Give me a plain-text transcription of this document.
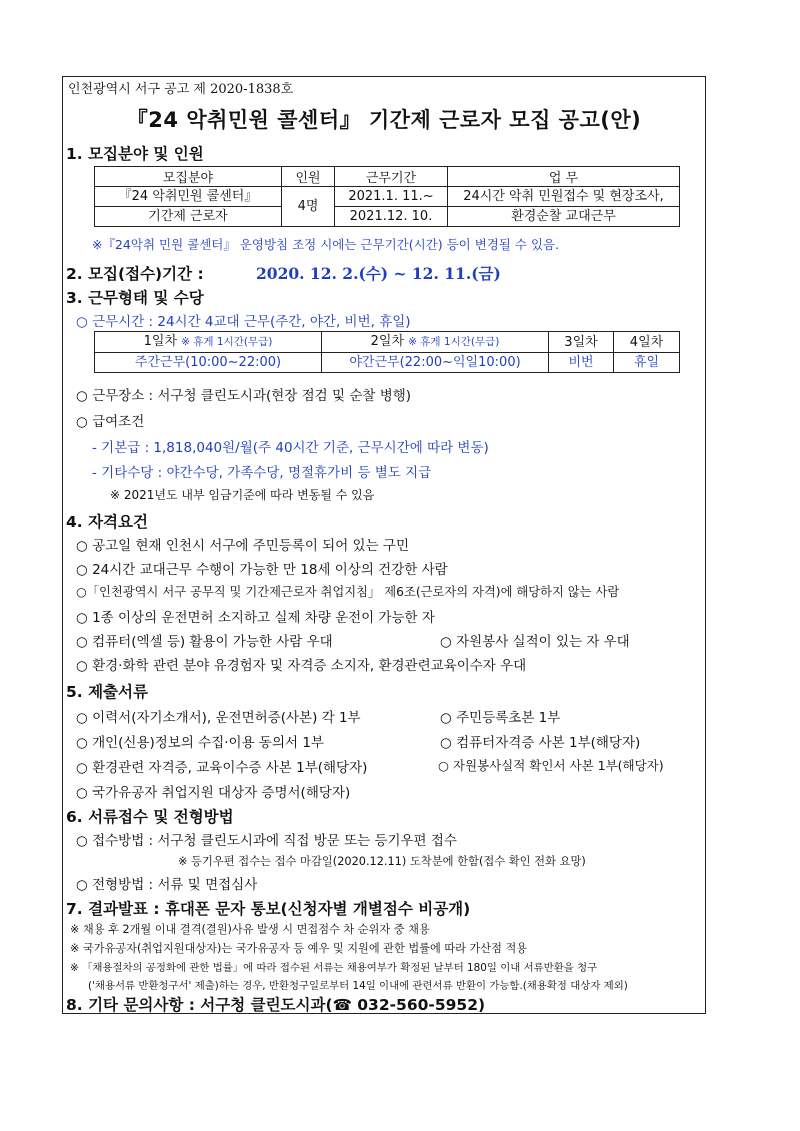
인천광역시 서구 공고 제 2020-1838호
『24 악취민원 콜센터』 기간제 근로자 모집 공고(안)
1. 모집분야 및 인원
모집분야	인원	근무기간	업 무
『24 악취민원 콜센터』	4명	2021.1. 11.~	24시간 악취 민원접수 및 현장조사,
기간제 근로자		2021.12. 10.	환경순찰 교대근무
※『24악취 민원 콜센터』 운영방침 조정 시에는 근무기간(시간) 등이 변경될 수 있음.
2. 모집(접수)기간 :	2020. 12. 2.(수) ~ 12. 11.(금)
3. 근무형태 및 수당
○ 근무시간 : 24시간 4교대 근무(주간, 야간, 비번, 휴일)
1일차 ※ 휴게 1시간(무급)	2일차 ※ 휴게 1시간(무급)	3일차	4일차
주간근무(10:00~22:00)	야간근무(22:00~익일10:00)	비번	휴일
○ 근무장소 : 서구청 클린도시과(현장 점검 및 순찰 병행)
○ 급여조건
- 기본급 : 1,818,040원/월(주 40시간 기준, 근무시간에 따라 변동)
- 기타수당 : 야간수당, 가족수당, 명절휴가비 등 별도 지급
※ 2021년도 내부 임금기준에 따라 변동될 수 있음
4. 자격요건
○ 공고일 현재 인천시 서구에 주민등록이 되어 있는 구민
○ 24시간 교대근무 수행이 가능한 만 18세 이상의 건강한 사람
○「인천광역시 서구 공무직 및 기간제근로자 취업지침」 제6조(근로자의 자격)에 해당하지 않는 사람
○ 1종 이상의 운전면허 소지하고 실제 차량 운전이 가능한 자
○ 컴퓨터(엑셀 등) 활용이 가능한 사람 우대	○ 자원봉사 실적이 있는 자 우대
○ 환경·화학 관련 분야 유경험자 및 자격증 소지자, 환경관련교육이수자 우대
5. 제출서류
○ 이력서(자기소개서), 운전면허증(사본) 각 1부	○ 주민등록초본 1부
○ 개인(신용)정보의 수집·이용 동의서 1부	○ 컴퓨터자격증 사본 1부(해당자)
○ 환경관련 자격증, 교육이수증 사본 1부(해당자)	○ 자원봉사실적 확인서 사본 1부(해당자)
○ 국가유공자 취업지원 대상자 증명서(해당자)
6. 서류접수 및 전형방법
○ 접수방법 : 서구청 클린도시과에 직접 방문 또는 등기우편 접수
※ 등기우편 접수는 접수 마감일(2020.12.11) 도착분에 한함(접수 확인 전화 요망)
○ 전형방법 : 서류 및 면접심사
7. 결과발표 : 휴대폰 문자 통보(신청자별 개별점수 비공개)
※ 채용 후 2개월 이내 결격(결원)사유 발생 시 면접점수 차 순위자 중 채용
※ 국가유공자(취업지원대상자)는 국가유공자 등 예우 및 지원에 관한 법률에 따라 가산점 적용
※ 「채용절차의 공정화에 관한 법률」에 따라 접수된 서류는 채용여부가 확정된 날부터 180일 이내 서류반환을 청구
('채용서류 반환청구서' 제출)하는 경우, 반환청구일로부터 14일 이내에 관련서류 반환이 가능함.(채용확정 대상자 제외)
8. 기타 문의사항 : 서구청 클린도시과(☎ 032-560-5952)
